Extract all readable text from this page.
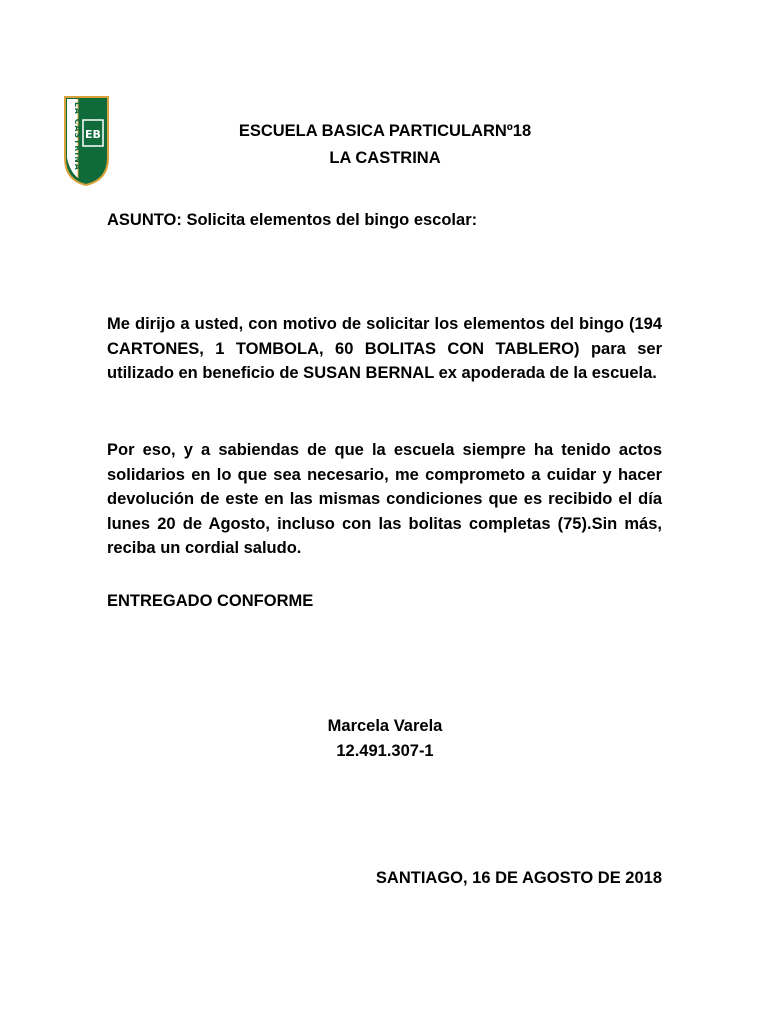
EB
LA CASTRINA	ESCUELA BASICA PARTICULARNº18
LA CASTRINA
ASUNTO: Solicita elementos del bingo escolar:
Me dirijo a usted, con motivo de solicitar los elementos del bingo (194 CARTONES, 1 TOMBOLA, 60 BOLITAS CON TABLERO) para ser utilizado en beneficio de SUSAN BERNAL ex apoderada de la escuela.
Por eso, y a sabiendas de que la escuela siempre ha tenido actos solidarios en lo que sea necesario, me comprometo a cuidar y hacer devolución de este en las mismas condiciones que es recibido el día lunes 20 de Agosto, incluso con las bolitas completas (75).Sin más, reciba un cordial saludo.
ENTREGADO CONFORME
Marcela Varela
12.491.307-1
SANTIAGO, 16 DE AGOSTO DE 2018
